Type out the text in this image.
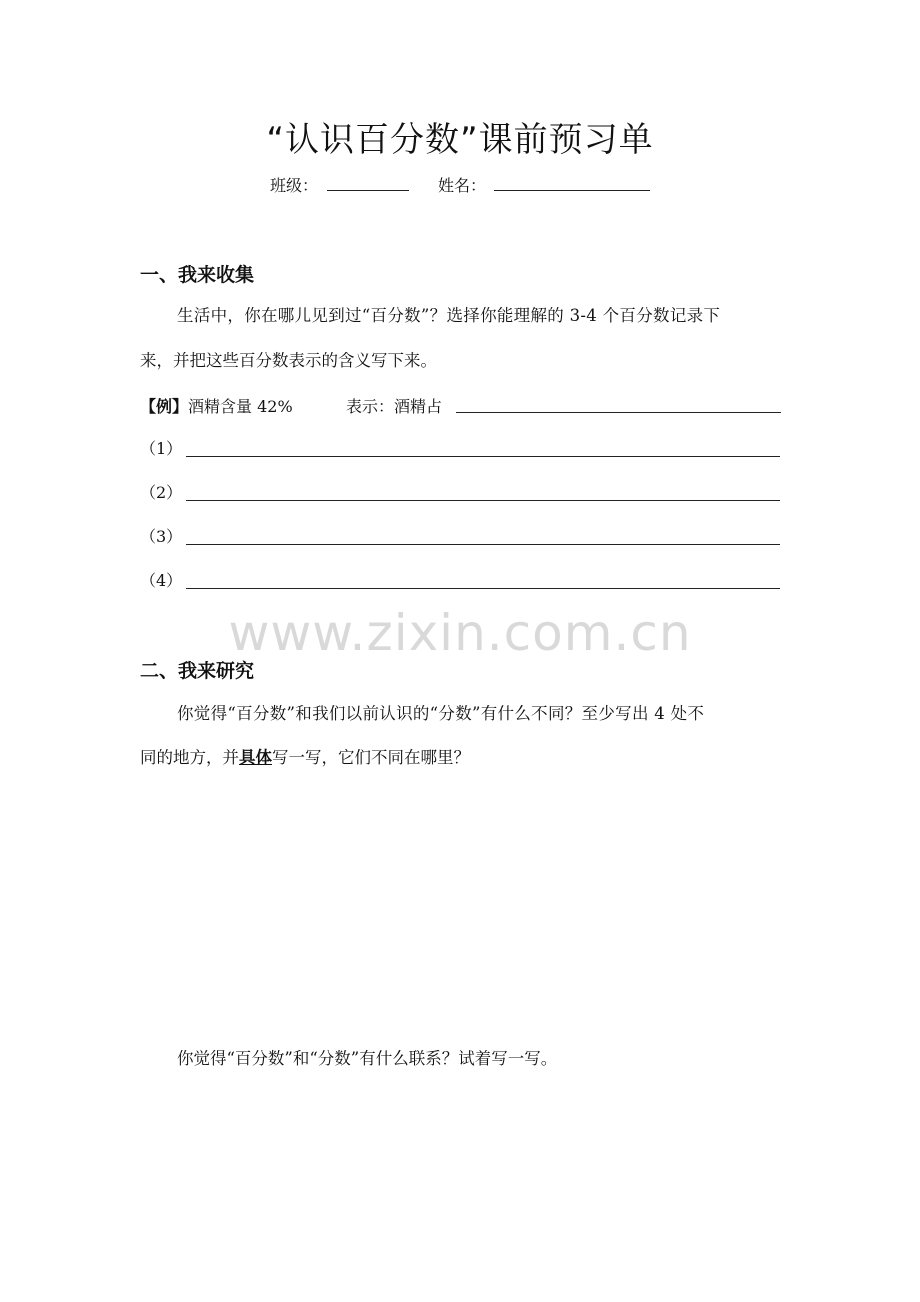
“认识百分数”课前预习单
班级：	姓名：
一、我来收集
生活中，你在哪儿见到过“百分数”？选择你能理解的 3-4 个百分数记录下
来，并把这些百分数表示的含义写下来。
【例】酒精含量 42%	表示：酒精占
（1）
（2）
（3）
（4）
www.zixin.com.cn
二、我来研究
你觉得“百分数”和我们以前认识的“分数”有什么不同？至少写出 4 处不
同的地方，并具体写一写，它们不同在哪里？
你觉得“百分数”和“分数”有什么联系？试着写一写。
